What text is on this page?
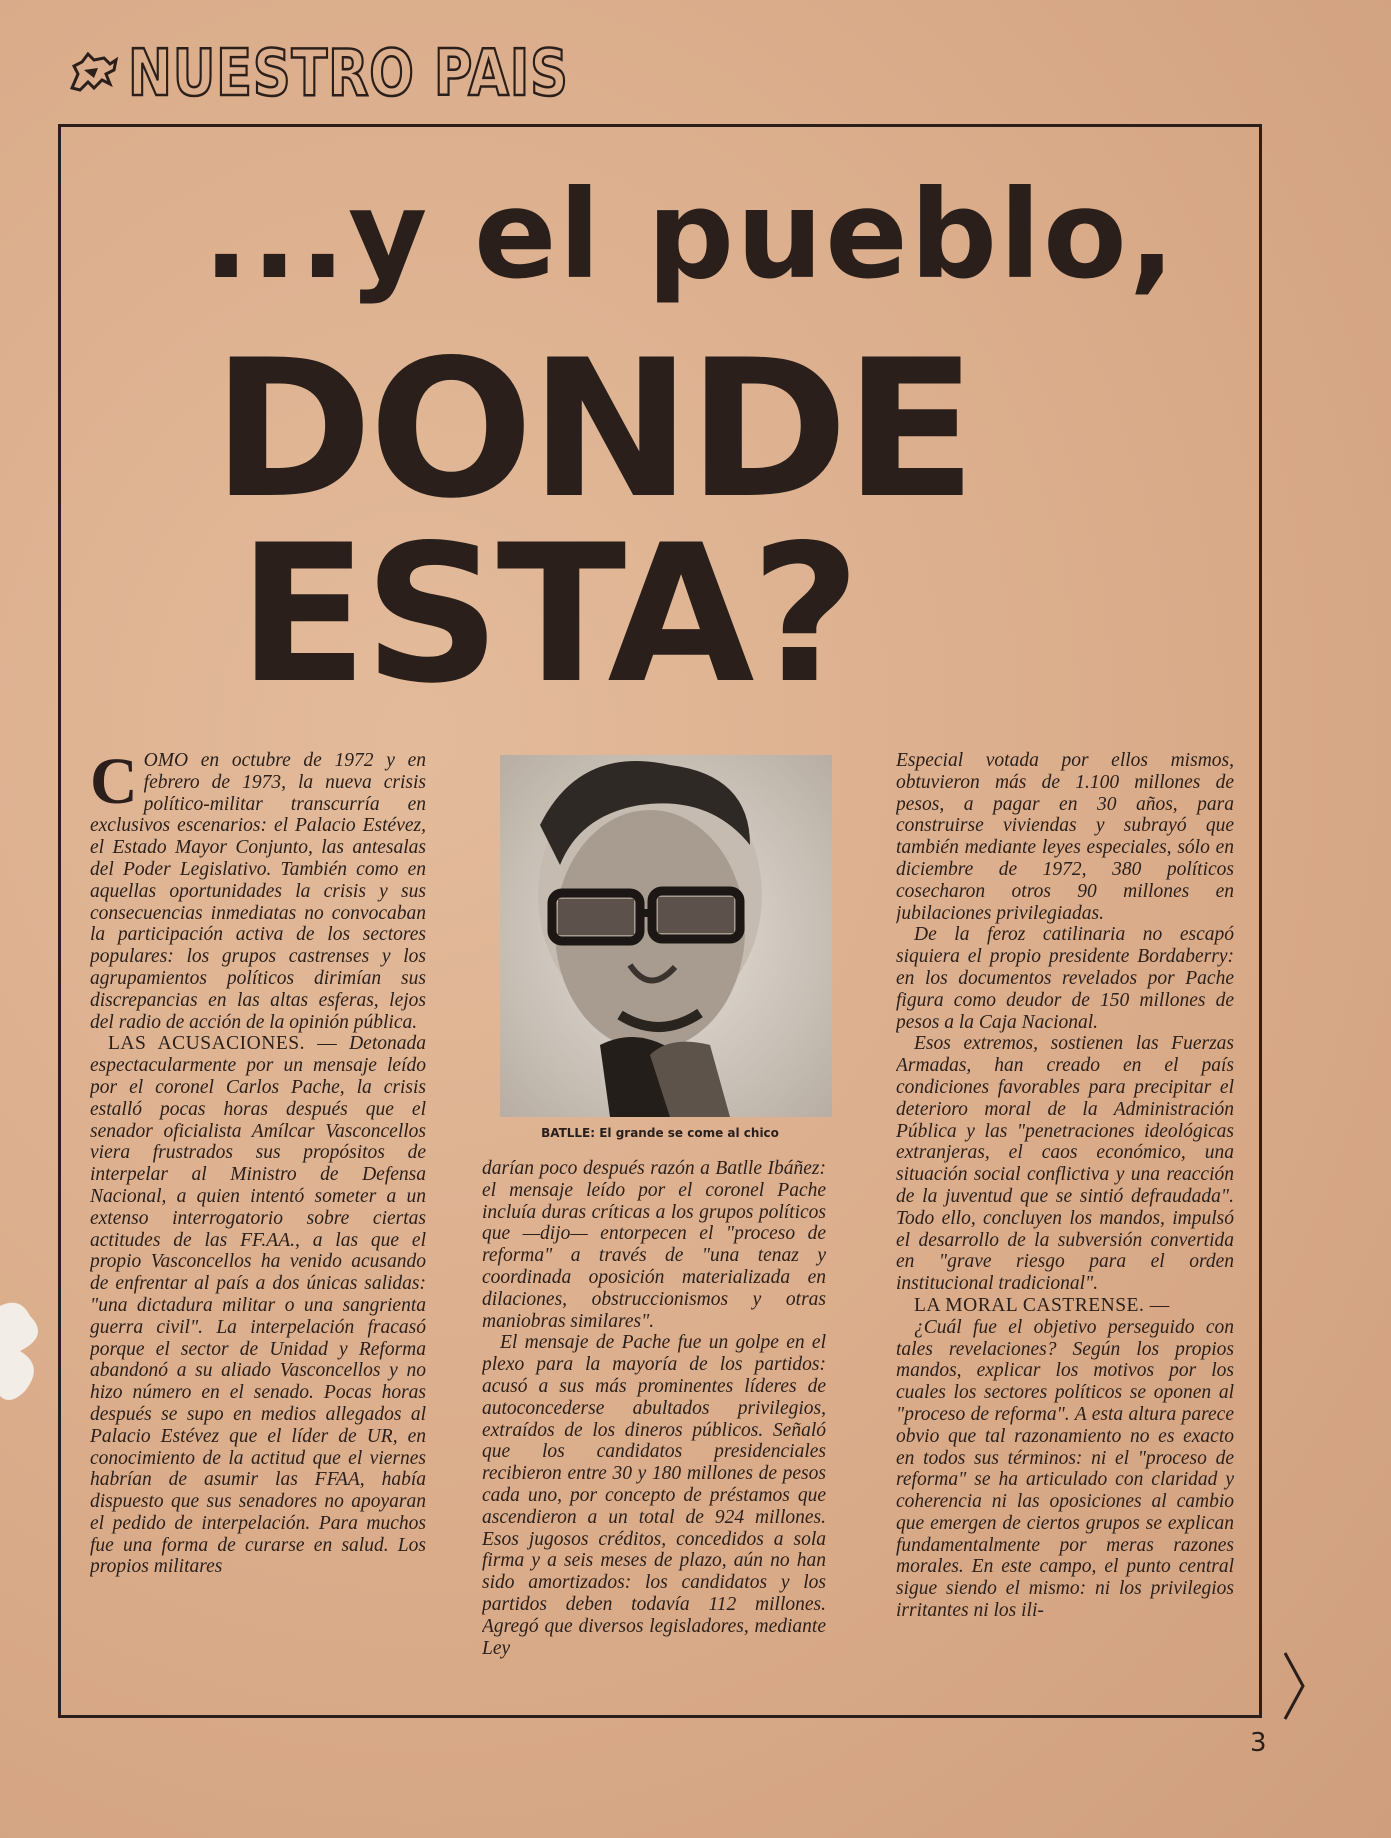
NUESTRO PAIS
...y el pueblo,
DONDE
ESTA?

COMO en octubre de 1972 y en febrero de 1973, la nueva crisis político-militar transcurría en exclusivos escenarios: el Palacio Estévez, el Estado Mayor Conjunto, las antesalas del Poder Legislativo. También como en aquellas oportunidades la crisis y sus consecuencias inmediatas no convocaban la participación activa de los sectores populares: los grupos castrenses y los agrupamientos políticos dirimían sus discrepancias en las altas esferas, lejos del radio de acción de la opinión pública.

LAS ACUSACIONES. — Detonada espectacularmente por un mensaje leído por el coronel Carlos Pache, la crisis estalló pocas horas después que el senador oficialista Amílcar Vasconcellos viera frustrados sus propósitos de interpelar al Ministro de Defensa Nacional, a quien intentó someter a un extenso interrogatorio sobre ciertas actitudes de las FF.AA., a las que el propio Vasconcellos ha venido acusando de enfrentar al país a dos únicas salidas: "una dictadura militar o una sangrienta guerra civil". La interpelación fracasó porque el sector de Unidad y Reforma abandonó a su aliado Vasconcellos y no hizo número en el senado. Pocas horas después se supo en medios allegados al Palacio Estévez que el líder de UR, en conocimiento de la actitud que el viernes habrían de asumir las FFAA, había dispuesto que sus senadores no apoyaran el pedido de interpelación. Para muchos fue una forma de curarse en salud. Los propios militares

BATLLE: El grande se come al chico

darían poco después razón a Batlle Ibáñez: el mensaje leído por el coronel Pache incluía duras críticas a los grupos políticos que —dijo— entorpecen el "proceso de reforma" a través de "una tenaz y coordinada oposición materializada en dilaciones, obstruccionismos y otras maniobras similares".

El mensaje de Pache fue un golpe en el plexo para la mayoría de los partidos: acusó a sus más prominentes líderes de autoconcederse abultados privilegios, extraídos de los dineros públicos. Señaló que los candidatos presidenciales recibieron entre 30 y 180 millones de pesos cada uno, por concepto de préstamos que ascendieron a un total de 924 millones. Esos jugosos créditos, concedidos a sola firma y a seis meses de plazo, aún no han sido amortizados: los candidatos y los partidos deben todavía 112 millones. Agregó que diversos legisladores, mediante Ley

Especial votada por ellos mismos, obtuvieron más de 1.100 millones de pesos, a pagar en 30 años, para construirse viviendas y subrayó que también mediante leyes especiales, sólo en diciembre de 1972, 380 políticos cosecharon otros 90 millones en jubilaciones privilegiadas.

De la feroz catilinaria no escapó siquiera el propio presidente Bordaberry: en los documentos revelados por Pache figura como deudor de 150 millones de pesos a la Caja Nacional.

Esos extremos, sostienen las Fuerzas Armadas, han creado en el país condiciones favorables para precipitar el deterioro moral de la Administración Pública y las "penetraciones ideológicas extranjeras, el caos económico, una situación social conflictiva y una reacción de la juventud que se sintió defraudada". Todo ello, concluyen los mandos, impulsó el desarrollo de la subversión convertida en "grave riesgo para el orden institucional tradicional".

LA MORAL CASTRENSE. —

¿Cuál fue el objetivo perseguido con tales revelaciones? Según los propios mandos, explicar los motivos por los cuales los sectores políticos se oponen al "proceso de reforma". A esta altura parece obvio que tal razonamiento no es exacto en todos sus términos: ni el "proceso de reforma" se ha articulado con claridad y coherencia ni las oposiciones al cambio que emergen de ciertos grupos se explican fundamentalmente por meras razones morales. En este campo, el punto central sigue siendo el mismo: ni los privilegios irritantes ni los ili-

3
